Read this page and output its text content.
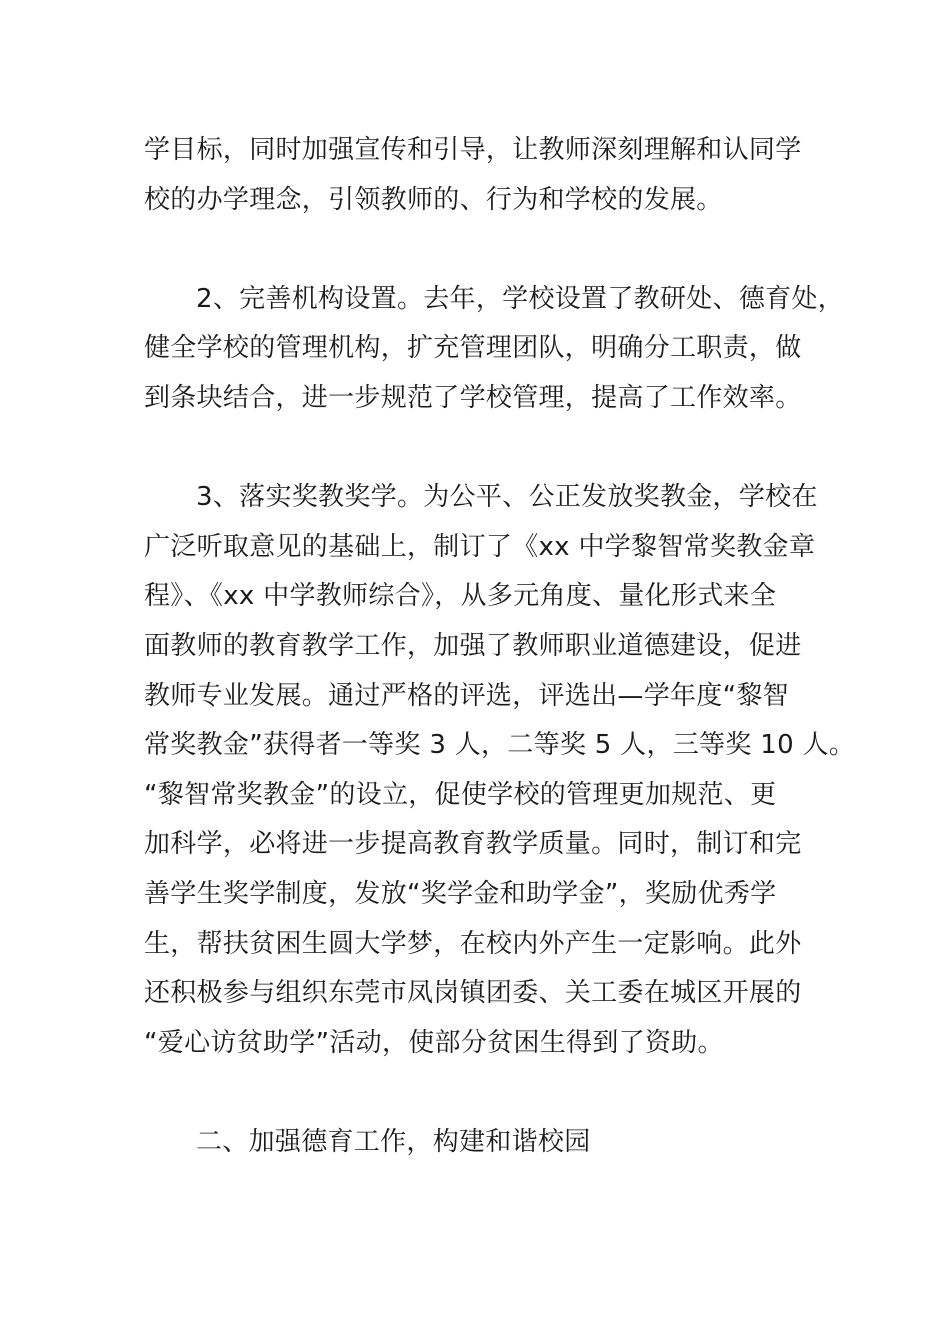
学目标，同时加强宣传和引导，让教师深刻理解和认同学
校的办学理念，引领教师的、行为和学校的发展。
2、完善机构设置。去年，学校设置了教研处、德育处，
健全学校的管理机构，扩充管理团队，明确分工职责，做
到条块结合，进一步规范了学校管理，提高了工作效率。
3、落实奖教奖学。为公平、公正发放奖教金，学校在
广泛听取意见的基础上，制订了《xx 中学黎智常奖教金章
程》、《xx 中学教师综合》，从多元角度、量化形式来全
面教师的教育教学工作，加强了教师职业道德建设，促进
教师专业发展。通过严格的评选，评选出—学年度“黎智
常奖教金”获得者一等奖 3 人，二等奖 5 人，三等奖 10 人。
“黎智常奖教金”的设立，促使学校的管理更加规范、更
加科学，必将进一步提高教育教学质量。同时，制订和完
善学生奖学制度，发放“奖学金和助学金”，奖励优秀学
生，帮扶贫困生圆大学梦，在校内外产生一定影响。此外
还积极参与组织东莞市凤岗镇团委、关工委在城区开展的
“爱心访贫助学”活动，使部分贫困生得到了资助。
二、加强德育工作，构建和谐校园
